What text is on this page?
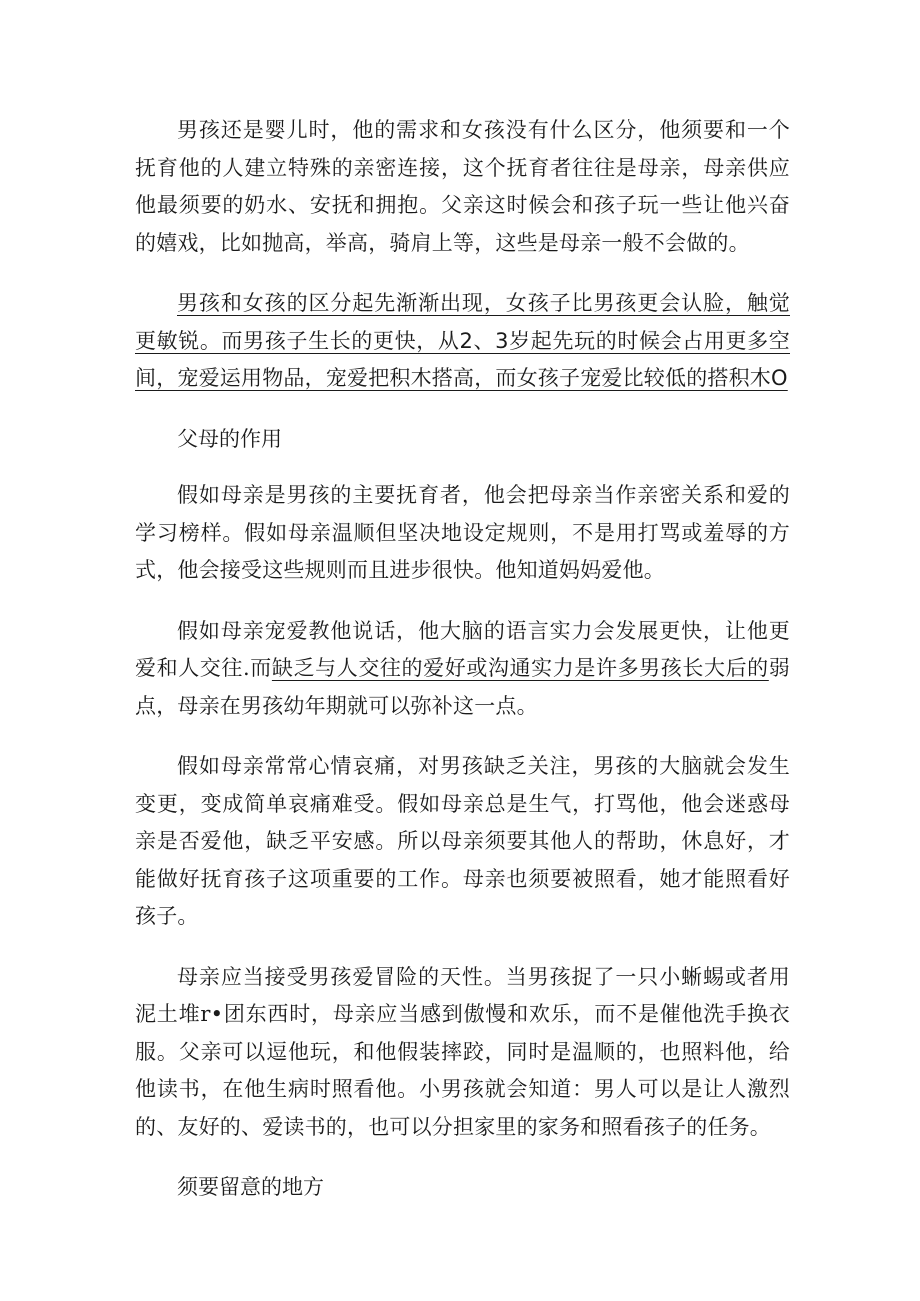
男孩还是婴儿时，他的需求和女孩没有什么区分，他须要和一个抚育他的人建立特殊的亲密连接，这个抚育者往往是母亲，母亲供应他最须要的奶水、安抚和拥抱。父亲这时候会和孩子玩一些让他兴奋的嬉戏，比如抛高，举高，骑肩上等，这些是母亲一般不会做的。

男孩和女孩的区分起先渐渐出现，女孩子比男孩更会认脸，触觉更敏锐。而男孩子生长的更快，从2、3岁起先玩的时候会占用更多空间，宠爱运用物品，宠爱把积木搭高，而女孩子宠爱比较低的搭积木O

父母的作用

假如母亲是男孩的主要抚育者，他会把母亲当作亲密关系和爱的学习榜样。假如母亲温顺但坚决地设定规则，不是用打骂或羞辱的方式，他会接受这些规则而且进步很快。他知道妈妈爱他。

假如母亲宠爱教他说话，他大脑的语言实力会发展更快，让他更爱和人交往.而缺乏与人交往的爱好或沟通实力是许多男孩长大后的弱点，母亲在男孩幼年期就可以弥补这一点。

假如母亲常常心情哀痛，对男孩缺乏关注，男孩的大脑就会发生变更，变成简单哀痛难受。假如母亲总是生气，打骂他，他会迷惑母亲是否爱他，缺乏平安感。所以母亲须要其他人的帮助，休息好，才能做好抚育孩子这项重要的工作。母亲也须要被照看，她才能照看好孩子。

母亲应当接受男孩爱冒险的天性。当男孩捉了一只小蜥蜴或者用泥土堆r•团东西时，母亲应当感到傲慢和欢乐，而不是催他洗手换衣服。父亲可以逗他玩，和他假装摔跤，同时是温顺的，也照料他，给他读书，在他生病时照看他。小男孩就会知道：男人可以是让人激烈的、友好的、爱读书的，也可以分担家里的家务和照看孩子的任务。

须要留意的地方
